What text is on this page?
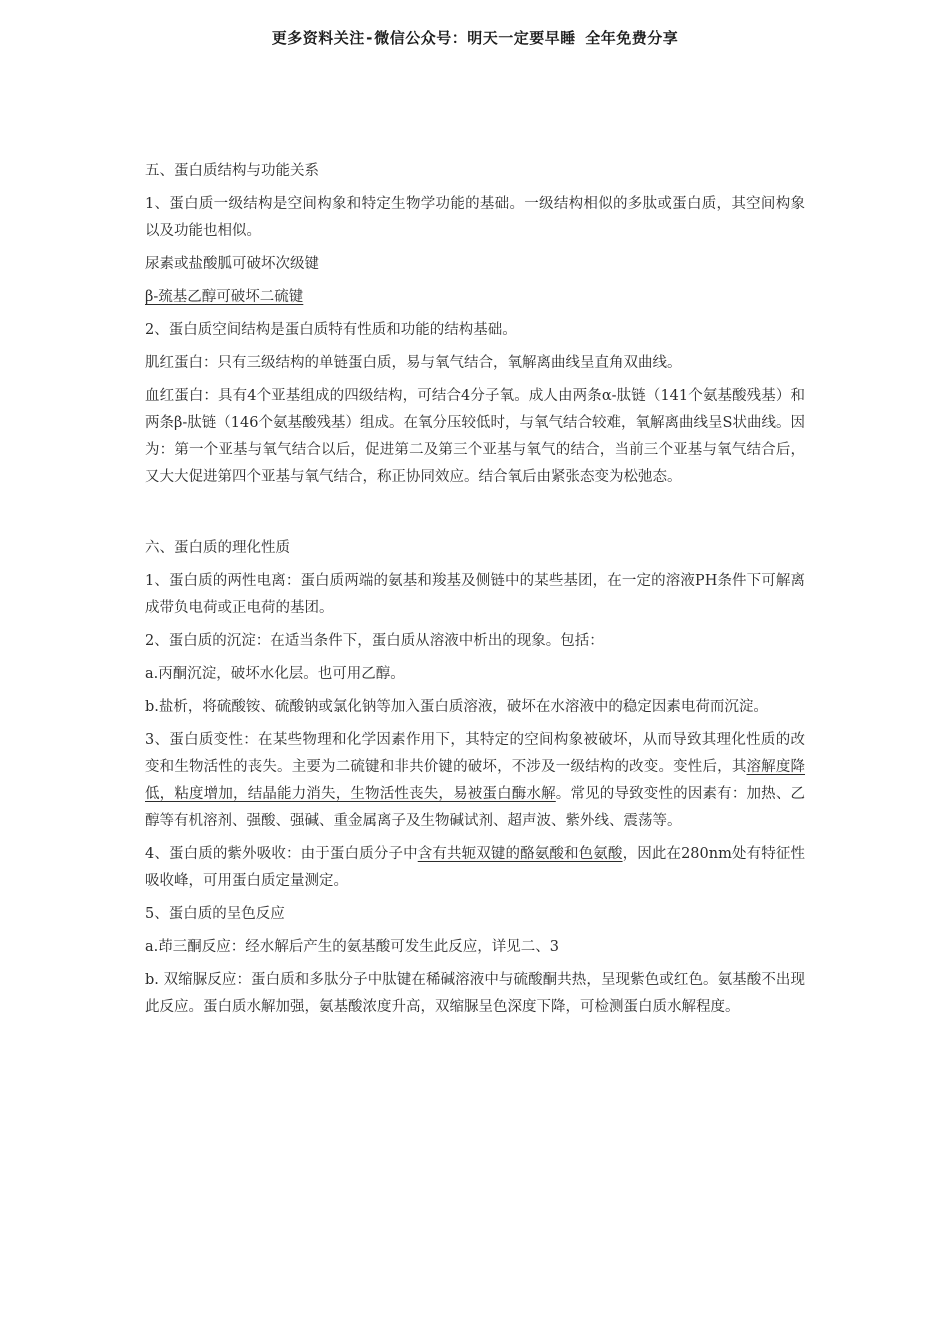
更多资料关注-微信公众号：明天一定要早睡 全年免费分享

五、蛋白质结构与功能关系

1、蛋白质一级结构是空间构象和特定生物学功能的基础。一级结构相似的多肽或蛋白质，其空间构象以及功能也相似。

尿素或盐酸胍可破坏次级键

β-巯基乙醇可破坏二硫键

2、蛋白质空间结构是蛋白质特有性质和功能的结构基础。

肌红蛋白：只有三级结构的单链蛋白质，易与氧气结合，氧解离曲线呈直角双曲线。

血红蛋白：具有4个亚基组成的四级结构，可结合4分子氧。成人由两条α-肽链（141个氨基酸残基）和两条β-肽链（146个氨基酸残基）组成。在氧分压较低时，与氧气结合较难，氧解离曲线呈S状曲线。因为：第一个亚基与氧气结合以后，促进第二及第三个亚基与氧气的结合，当前三个亚基与氧气结合后，又大大促进第四个亚基与氧气结合，称正协同效应。结合氧后由紧张态变为松弛态。

六、蛋白质的理化性质

1、蛋白质的两性电离：蛋白质两端的氨基和羧基及侧链中的某些基团，在一定的溶液PH条件下可解离成带负电荷或正电荷的基团。

2、蛋白质的沉淀：在适当条件下，蛋白质从溶液中析出的现象。包括：

a.丙酮沉淀，破坏水化层。也可用乙醇。

b.盐析，将硫酸铵、硫酸钠或氯化钠等加入蛋白质溶液，破坏在水溶液中的稳定因素电荷而沉淀。

3、蛋白质变性：在某些物理和化学因素作用下，其特定的空间构象被破坏，从而导致其理化性质的改变和生物活性的丧失。主要为二硫键和非共价键的破坏，不涉及一级结构的改变。变性后，其溶解度降低，粘度增加，结晶能力消失，生物活性丧失，易被蛋白酶水解。常见的导致变性的因素有：加热、乙醇等有机溶剂、强酸、强碱、重金属离子及生物碱试剂、超声波、紫外线、震荡等。

4、蛋白质的紫外吸收：由于蛋白质分子中含有共轭双键的酪氨酸和色氨酸，因此在280nm处有特征性吸收峰，可用蛋白质定量测定。

5、蛋白质的呈色反应

a.茚三酮反应：经水解后产生的氨基酸可发生此反应，详见二、3

b. 双缩脲反应：蛋白质和多肽分子中肽键在稀碱溶液中与硫酸酮共热，呈现紫色或红色。氨基酸不出现此反应。蛋白质水解加强，氨基酸浓度升高，双缩脲呈色深度下降，可检测蛋白质水解程度。
